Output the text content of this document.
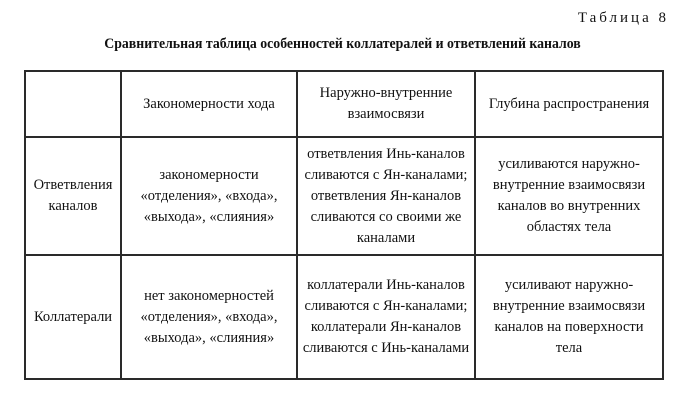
Таблица 8
Сравнительная таблица особенностей коллатералей и ответвлений каналов
	Закономерности хода	Наружно-внутренние взаимосвязи	Глубина распространения
Ответвления каналов	закономерности «отделения», «входа», «выхода», «слияния»	ответвления Инь-каналов сливаются с Ян-каналами; ответвления Ян-каналов сливаются со своими же каналами	усиливаются наружно-внутренние взаимосвязи каналов во внутренних областях тела
Коллатерали	нет закономерностей «отделения», «входа», «выхода», «слияния»	коллатерали Инь-каналов сливаются с Ян-каналами; коллатерали Ян-каналов сливаются с Инь-каналами	усиливают наружно-внутренние взаимосвязи каналов на поверхности тела
